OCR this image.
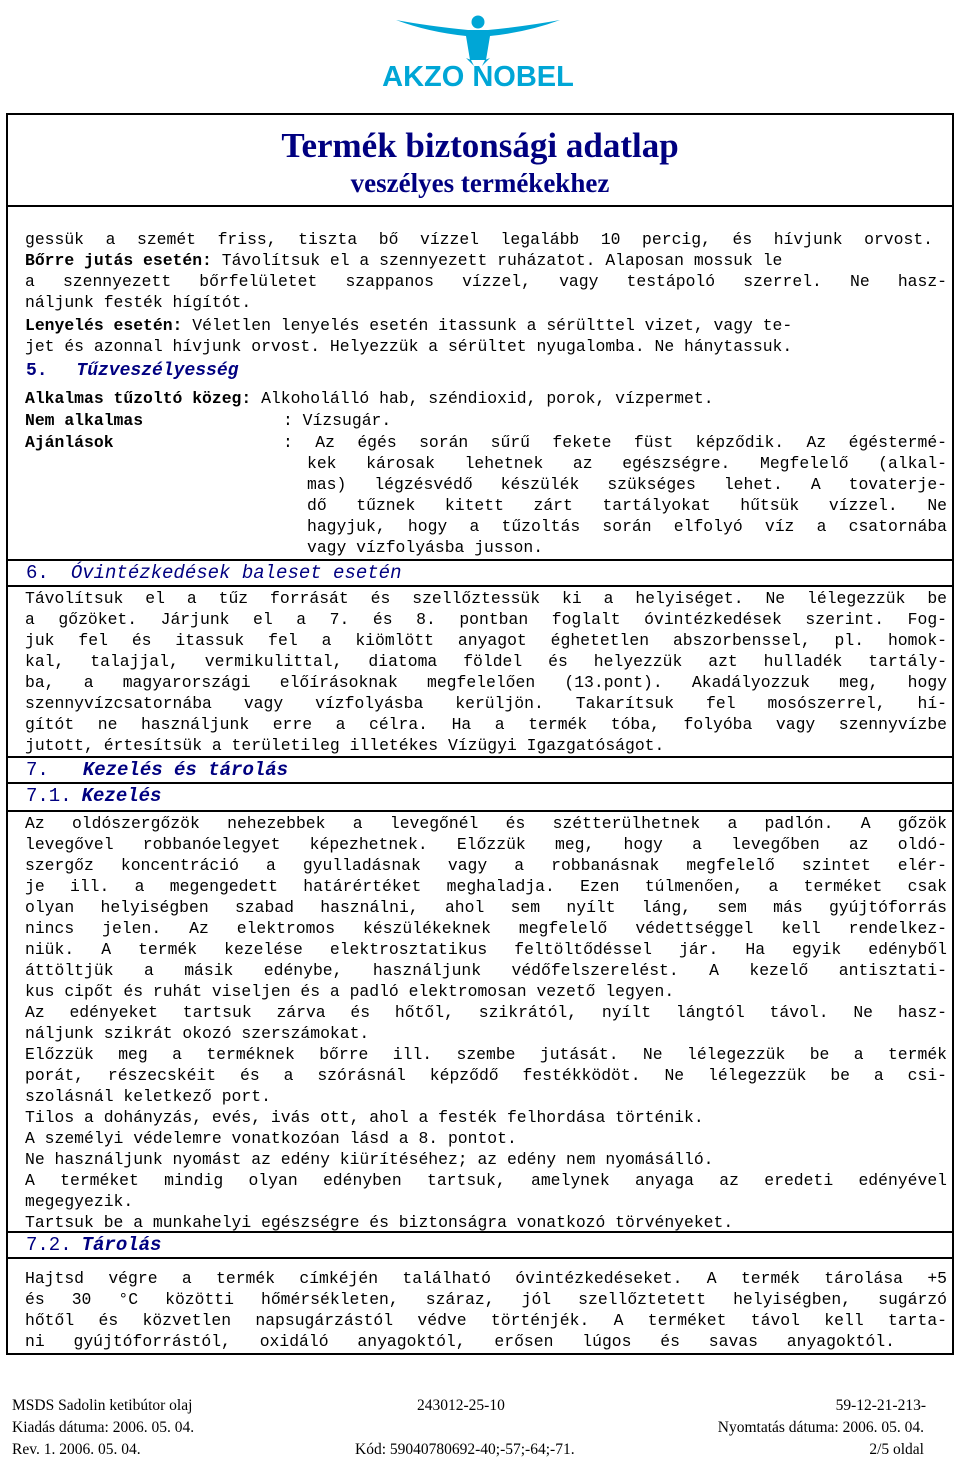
AKZO NOBEL
Termék biztonsági adatlap
veszélyes termékekhez
gessük a szemét friss, tiszta bő vízzel legalább 10 percig, és hívjunk orvost.
Bőrre jutás esetén: Távolítsuk el a szennyezett ruházatot. Alaposan mossuk le
a szennyezett bőrfelületet szappanos vízzel, vagy testápoló szerrel. Ne hasz-
náljunk festék hígítót.
Lenyelés esetén: Véletlen lenyelés esetén itassunk a sérülttel vizet, vagy te-
jet és azonnal hívjunk orvost. Helyezzük a sérültet nyugalomba. Ne hánytassuk.
5. Tűzveszélyesség
Alkalmas tűzoltó közeg: Alkoholálló hab, széndioxid, porok, vízpermet.
Nem alkalmas	: Vízsugár.
Ajánlások	: Az égés során sűrű fekete füst képződik. Az égéstermé-
kek károsak lehetnek az egészségre. Megfelelő (alkal-
mas) légzésvédő készülék szükséges lehet. A tovaterje-
dő tűznek kitett zárt tartályokat hűtsük vízzel. Ne
hagyjuk, hogy a tűzoltás során elfolyó víz a csatornába
vagy vízfolyásba jusson.
6. Óvintézkedések baleset esetén
Távolítsuk el a tűz forrását és szellőztessük ki a helyiséget. Ne lélegezzük be
a gőzöket. Járjunk el a 7. és 8. pontban foglalt óvintézkedések szerint. Fog-
juk fel és itassuk fel a kiömlött anyagot éghetetlen abszorbenssel, pl. homok-
kal, talajjal, vermikulittal, diatoma földel és helyezzük azt hulladék tartály-
ba, a magyarországi előírásoknak megfelelően (13.pont). Akadályozzuk meg, hogy
szennyvízcsatornába vagy vízfolyásba kerüljön. Takarítsuk fel mosószerrel, hí-
gítót ne használjunk erre a célra. Ha a termék tóba, folyóba vagy szennyvízbe
jutott, értesítsük a területileg illetékes Vízügyi Igazgatóságot.
7. Kezelés és tárolás
7.1. Kezelés
Az oldószergőzök nehezebbek a levegőnél és szétterülhetnek a padlón. A gőzök
levegővel robbanóelegyet képezhetnek. Előzzük meg, hogy a levegőben az oldó-
szergőz koncentráció a gyulladásnak vagy a robbanásnak megfelelő szintet elér-
je ill. a megengedett határértéket meghaladja. Ezen túlmenően, a terméket csak
olyan helyiségben szabad használni, ahol sem nyílt láng, sem más gyújtóforrás
nincs jelen. Az elektromos készülékeknek megfelelő védettséggel kell rendelkez-
niük. A termék kezelése elektrosztatikus feltöltődéssel jár. Ha egyik edényből
áttöltjük a másik edénybe, használjunk védőfelszerelést. A kezelő antisztati-
kus cipőt és ruhát viseljen és a padló elektromosan vezető legyen.
Az edényeket tartsuk zárva és hőtől, szikrától, nyílt lángtól távol. Ne hasz-
náljunk szikrát okozó szerszámokat.
Előzzük meg a terméknek bőrre ill. szembe jutását. Ne lélegezzük be a termék
porát, részecskéit és a szórásnál képződő festékködöt. Ne lélegezzük be a csi-
szolásnál keletkező port.
Tilos a dohányzás, evés, ivás ott, ahol a festék felhordása történik.
A személyi védelemre vonatkozóan lásd a 8. pontot.
Ne használjunk nyomást az edény kiürítéséhez; az edény nem nyomásálló.
A terméket mindig olyan edényben tartsuk, amelynek anyaga az eredeti edényével
megegyezik.
Tartsuk be a munkahelyi egészségre és biztonságra vonatkozó törvényeket.
7.2. Tárolás
Hajtsd végre a termék címkéjén található óvintézkedéseket. A termék tárolása +5
és 30 °C közötti hőmérsékleten, száraz, jól szellőztetett helyiségben, sugárzó
hőtől és közvetlen napsugárzástól védve történjék. A terméket távol kell tarta-
ni gyújtóforrástól, oxidáló anyagoktól, erősen lúgos és savas anyagoktól.
MSDS Sadolin ketibútor olaj	243012-25-10	59-12-21-213-
Kiadás dátuma: 2006. 05. 04.	Nyomtatás dátuma: 2006. 05. 04.
Rev. 1. 2006. 05. 04.	Kód: 59040780692-40;-57;-64;-71.	2/5 oldal
